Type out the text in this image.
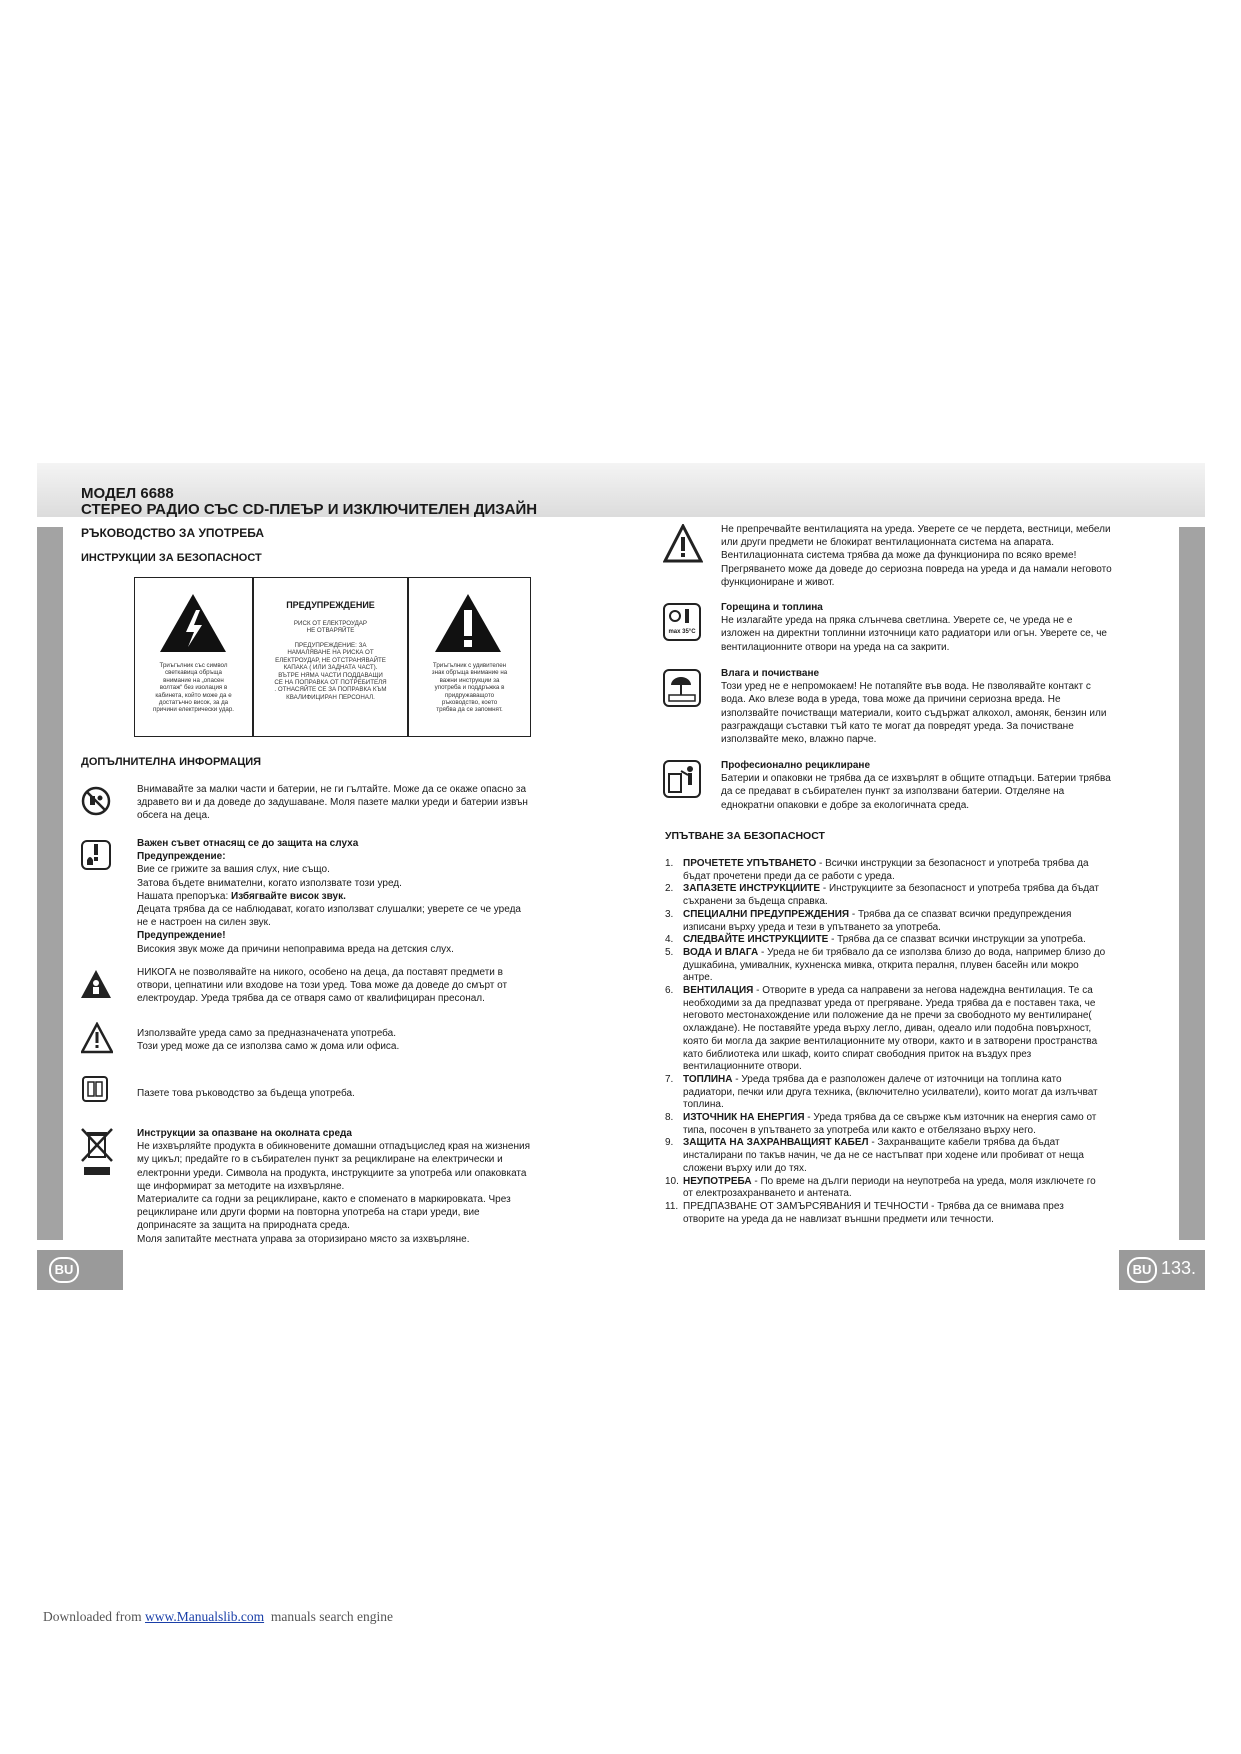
МОДЕЛ 6688
СТЕРЕО РАДИО СЪС CD-ПЛЕЪР И ИЗКЛЮЧИТЕЛЕН ДИЗАЙН
РЪКОВОДСТВО ЗА УПОТРЕБА
ИНСТРУКЦИИ ЗА БЕЗОПАСНОСТ
Триъгълник със символ
светкавица обръща
внимание на „опасен
волтаж“ без изолация в
кабинета, който може да е
достатъчно висок, за да
причини електрически удар.
ПРЕДУПРЕЖДЕНИЕ
РИСК ОТ ЕЛЕКТРОУДАР
НЕ ОТВАРЯЙТЕ
ПРЕДУПРЕЖДЕНИЕ: ЗА
НАМАЛЯВАНЕ НА РИСКА ОТ
ЕЛЕКТРОУДАР, НЕ ОТСТРАНЯВАЙТЕ
КАПАКА ( ИЛИ ЗАДНАТА ЧАСТ).
ВЪТРЕ НЯМА ЧАСТИ ПОДДАВАЩИ
СЕ НА ПОПРАВКА ОТ ПОТРЕБИТЕЛЯ
. ОТНАСЯЙТЕ СЕ ЗА ПОПРАВКА КЪМ
КВАЛИФИЦИРАН ПЕРСОНАЛ.
Триъгълник с удивителен
знак обръща внимание на
важни инструкции за
употреба и поддръжка в
придружаващото
ръководство, което
трябва да се запомнят.
ДОПЪЛНИТЕЛНА ИНФОРМАЦИЯ
Внимавайте за малки части и батерии, не ги гълтайте. Може да се окаже опасно за
здравето ви и да доведе до задушаване. Моля пазете малки уреди и батерии извън
обсега на деца.
Важен съвет отнасящ се до защита на слуха
Предупреждение:
Вие се грижите за вашия слух, ние също.
Затова бъдете внимателни, когато използвате този уред.
Нашата препоръка: Избягвайте висок звук.
Децата трябва да се наблюдават, когато използват слушалки; уверете се че уреда
не е настроен на силен звук.
Предупреждение!
Високия звук може да причини непоправима вреда на детския слух.
НИКОГА не позволявайте на никого, особено на деца, да поставят предмети в
отвори, цепнатини или входове на този уред. Това може да доведе до смърт от
електроудар. Уреда трябва да се отваря само от квалифициран пресонал.
Използвайте уреда само за предназначената употреба.
Този уред може да се използва само ж дома или офиса.
Пазете това ръководство за бъдеща употреба.
Инструкции за опазване на околната среда
Не изхвърляйте продукта в обикновените домашни отпадъцислед края на жизнения
му цикъл; предайте го в събирателен пункт за рециклиране на електрически и
електронни уреди. Символа на продукта, инструкциите за употреба или опаковката
ще информират за методите на изхвърляне.
Материалите са годни за рециклиране, както е споменато в маркировката. Чрез
рециклиране или други форми на повторна употреба на стари уреди, вие
допринасяте за защита на природната среда.
Моля запитайте местната управа за оторизирано място за изхвърляне.
Не препречвайте вентилацията на уреда. Уверете се че пердета, вестници, мебели
или други предмети не блокират вентилационната система на апарата.
Вентилационната система трябва да може да функционира по всяко време!
Прегряването може да доведе до сериозна повреда на уреда и да намали неговото
функциониране и живот.
max 35°C
Горещина и топлина
Не излагайте уреда на пряка слънчева светлина. Уверете се, че уреда не е
изложен на директни топлинни източници като радиатори или огън. Уверете се, че
вентилационните отвори на уреда на са закрити.
Влага и почистване
Този уред не е непромокаем! Не потапяйте във вода. Не пзволявайте контакт с
вода. Ако влезе вода в уреда, това може да причини сериозна вреда. Не
използвайте почистващи материали, които съдържат алкохол, амоняк, бензин или
разграждащи съставки тъй като те могат да повредят уреда. За почистване
използвайте меко, влажно парче.
Професионално рециклиране
Батерии и опаковки не трябва да се изхвърлят в общите отпадъци. Батерии трябва
да се предават в събирателен пункт за използвани батерии. Отделяне на
еднократни опаковки е добре за екологичната среда.
УПЪТВАНЕ ЗА БЕЗОПАСНОСТ
1. ПРОЧЕТЕТЕ УПЪТВАНЕТО - Всички инструкции за безопасност и употреба трябва да
бъдат прочетени преди да се работи с уреда.
2. ЗАПАЗЕТЕ ИНСТРУКЦИИТЕ - Инструкциите за безопасност и употреба трябва да бъдат
съхранени за бъдеща справка.
3. СПЕЦИАЛНИ ПРЕДУПРЕЖДЕНИЯ - Трябва да се спазват всички предупреждения
изписани върху уреда и тези в упътването за употреба.
4. СЛЕДВАЙТЕ ИНСТРУКЦИИТЕ - Трябва да се спазват всички инструкции за употреба.
5. ВОДА И ВЛАГА - Уреда не би трябвало да се използва близо до вода, например близо до
душкабина, умивалник, кухненска мивка, открита пералня, плувен басейн или мокро
антре.
6. ВЕНТИЛАЦИЯ - Отворите в уреда са направени за негова надеждна вентилация. Те са
необходими за да предпазват уреда от прегряване. Уреда трябва да е поставен така, че
неговото местонахождение или положение да не пречи за свободното му вентилиране(
охлаждане). Не поставяйте уреда върху легло, диван, одеало или подобна повърхност,
която би могла да закрие вентилационните му отвори, както и в затворени пространства
като библиотека или шкаф, които спират свободния приток на въздух през
вентилационните отвори.
7. ТОПЛИНА - Уреда трябва да е разположен далече от източници на топлина като
радиатори, печки или друга техника, (включително усилватели), които могат да излъчват
топлина.
8. ИЗТОЧНИК НА ЕНЕРГИЯ - Уреда трябва да се свърже към източник на енергия само от
типа, посочен в упътването за употреба или както е отбелязано върху него.
9. ЗАЩИТА НА ЗАХРАНВАЩИЯТ КАБЕЛ - Захранващите кабели трябва да бъдат
инсталирани по такъв начин, че да не се настъпват при ходене или пробиват от неща
сложени върху или до тях.
10. НЕУПОТРЕБА - По време на дълги периоди на неупотреба на уреда, моля изключете го
от електрозахранването и антената.
11. ПРЕДПАЗВАНЕ ОТ ЗАМЪРСЯВАНИЯ И ТЕЧНОСТИ - Трябва да се внимава през
отворите на уреда да не навлизат външни предмети или течности.
BU	BU 133.
Downloaded from www.Manualslib.com  manuals search engine
